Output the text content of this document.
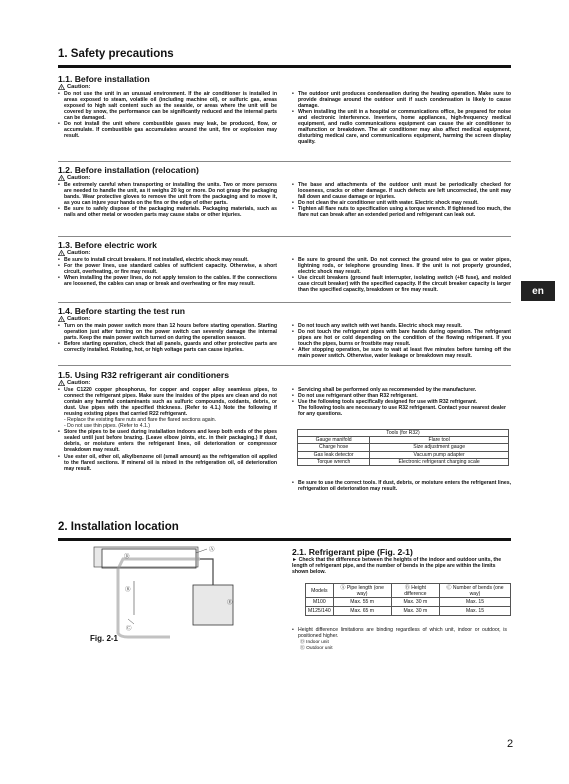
1. Safety precautions
en
1.1. Before installation
! Caution:
• Do not use the unit in an unusual environment. If the air conditioner is installed in areas exposed to steam, volatile oil (including machine oil), or sulfuric gas, areas exposed to high salt content such as the seaside, or areas where the unit will be covered by snow, the performance can be significantly reduced and the internal parts can be damaged.
• Do not install the unit where combustible gases may leak, be produced, flow, or accumulate. If combustible gas accumulates around the unit, fire or explosion may result.
• The outdoor unit produces condensation during the heating operation. Make sure to provide drainage around the outdoor unit if such condensation is likely to cause damage.
• When installing the unit in a hospital or communications office, be prepared for noise and electronic interference. Inverters, home appliances, high-frequency medical equipment, and radio communications equipment can cause the air conditioner to malfunction or breakdown. The air conditioner may also affect medical equipment, disturbing medical care, and communications equipment, harming the screen display quality.
1.2. Before installation (relocation)
! Caution:
• Be extremely careful when transporting or installing the units. Two or more persons are needed to handle the unit, as it weighs 20 kg or more. Do not grasp the packaging bands. Wear protective gloves to remove the unit from the packaging and to move it, as you can injure your hands on the fins or the edge of other parts.
• Be sure to safely dispose of the packaging materials. Packaging materials, such as nails and other metal or wooden parts may cause stabs or other injuries.
• The base and attachments of the outdoor unit must be periodically checked for looseness, cracks or other damage. If such defects are left uncorrected, the unit may fall down and cause damage or injuries.
• Do not clean the air conditioner unit with water. Electric shock may result.
• Tighten all flare nuts to specification using a torque wrench. If tightened too much, the flare nut can break after an extended period and refrigerant can leak out.
1.3. Before electric work
! Caution:
• Be sure to install circuit breakers. If not installed, electric shock may result.
• For the power lines, use standard cables of sufficient capacity. Otherwise, a short circuit, overheating, or fire may result.
• When installing the power lines, do not apply tension to the cables. If the connections are loosened, the cables can snap or break and overheating or fire may result.
• Be sure to ground the unit. Do not connect the ground wire to gas or water pipes, lightning rods, or telephone grounding lines. If the unit is not properly grounded, electric shock may result.
• Use circuit breakers (ground fault interrupter, isolating switch (+B fuse), and molded case circuit breaker) with the specified capacity. If the circuit breaker capacity is larger than the specified capacity, breakdown or fire may result.
1.4. Before starting the test run
! Caution:
• Turn on the main power switch more than 12 hours before starting operation. Starting operation just after turning on the power switch can severely damage the internal parts. Keep the main power switch turned on during the operation season.
• Before starting operation, check that all panels, guards and other protective parts are correctly installed. Rotating, hot, or high voltage parts can cause injuries.
• Do not touch any switch with wet hands. Electric shock may result.
• Do not touch the refrigerant pipes with bare hands during operation. The refrigerant pipes are hot or cold depending on the condition of the flowing refrigerant. If you touch the pipes, burns or frostbite may result.
• After stopping operation, be sure to wait at least five minutes before turning off the main power switch. Otherwise, water leakage or breakdown may result.
1.5. Using R32 refrigerant air conditioners
! Caution:
• Use C1220 copper phosphorus, for copper and copper alloy seamless pipes, to connect the refrigerant pipes. Make sure the insides of the pipes are clean and do not contain any harmful contaminants such as sulfuric compounds, oxidants, debris, or dust. Use pipes with the specified thickness. (Refer to 4.1.) Note the following if reusing existing pipes that carried R22 refrigerant.
- Replace the existing flare nuts and flare the flared sections again.
- Do not use thin pipes. (Refer to 4.1.)
• Store the pipes to be used during installation indoors and keep both ends of the pipes sealed until just before brazing. (Leave elbow joints, etc. in their packaging.) If dust, debris, or moisture enters the refrigerant lines, oil deterioration or compressor breakdown may result.
• Use ester oil, ether oil, alkylbenzene oil (small amount) as the refrigeration oil applied to the flared sections. If mineral oil is mixed in the refrigeration oil, oil deterioration may result.
• Servicing shall be performed only as recommended by the manufacturer.
• Do not use refrigerant other than R32 refrigerant.
• Use the following tools specifically designed for use with R32 refrigerant.
The following tools are necessary to use R32 refrigerant. Contact your nearest dealer for any questions.
Tools (for R32)	
Gauge manifold	Flare tool
Charge hose	Size adjustment gauge
Gas leak detector	Vacuum pump adapter
Torque wrench	Electronic refrigerant charging scale
• Be sure to use the correct tools. If dust, debris, or moisture enters the refrigerant lines, refrigeration oil deterioration may result.
2. Installation location
Ⓓ
Ⓐ
Ⓑ
Ⓔ
Ⓒ
Fig. 2-1
2.1. Refrigerant pipe (Fig. 2-1)
► Check that the difference between the heights of the indoor and outdoor units, the length of refrigerant pipe, and the number of bends in the pipe are within the limits shown below.
Models	Ⓐ Pipe length (one way)	Ⓑ Height difference	Ⓒ Number of bends (one way)
M100	Max. 55 m	Max. 30 m	Max. 15
M125/140	Max. 65 m	Max. 30 m	Max. 15
• Height difference limitations are binding regardless of which unit, indoor or outdoor, is positioned higher.
Ⓓ Indoor unit
Ⓔ Outdoor unit
2
